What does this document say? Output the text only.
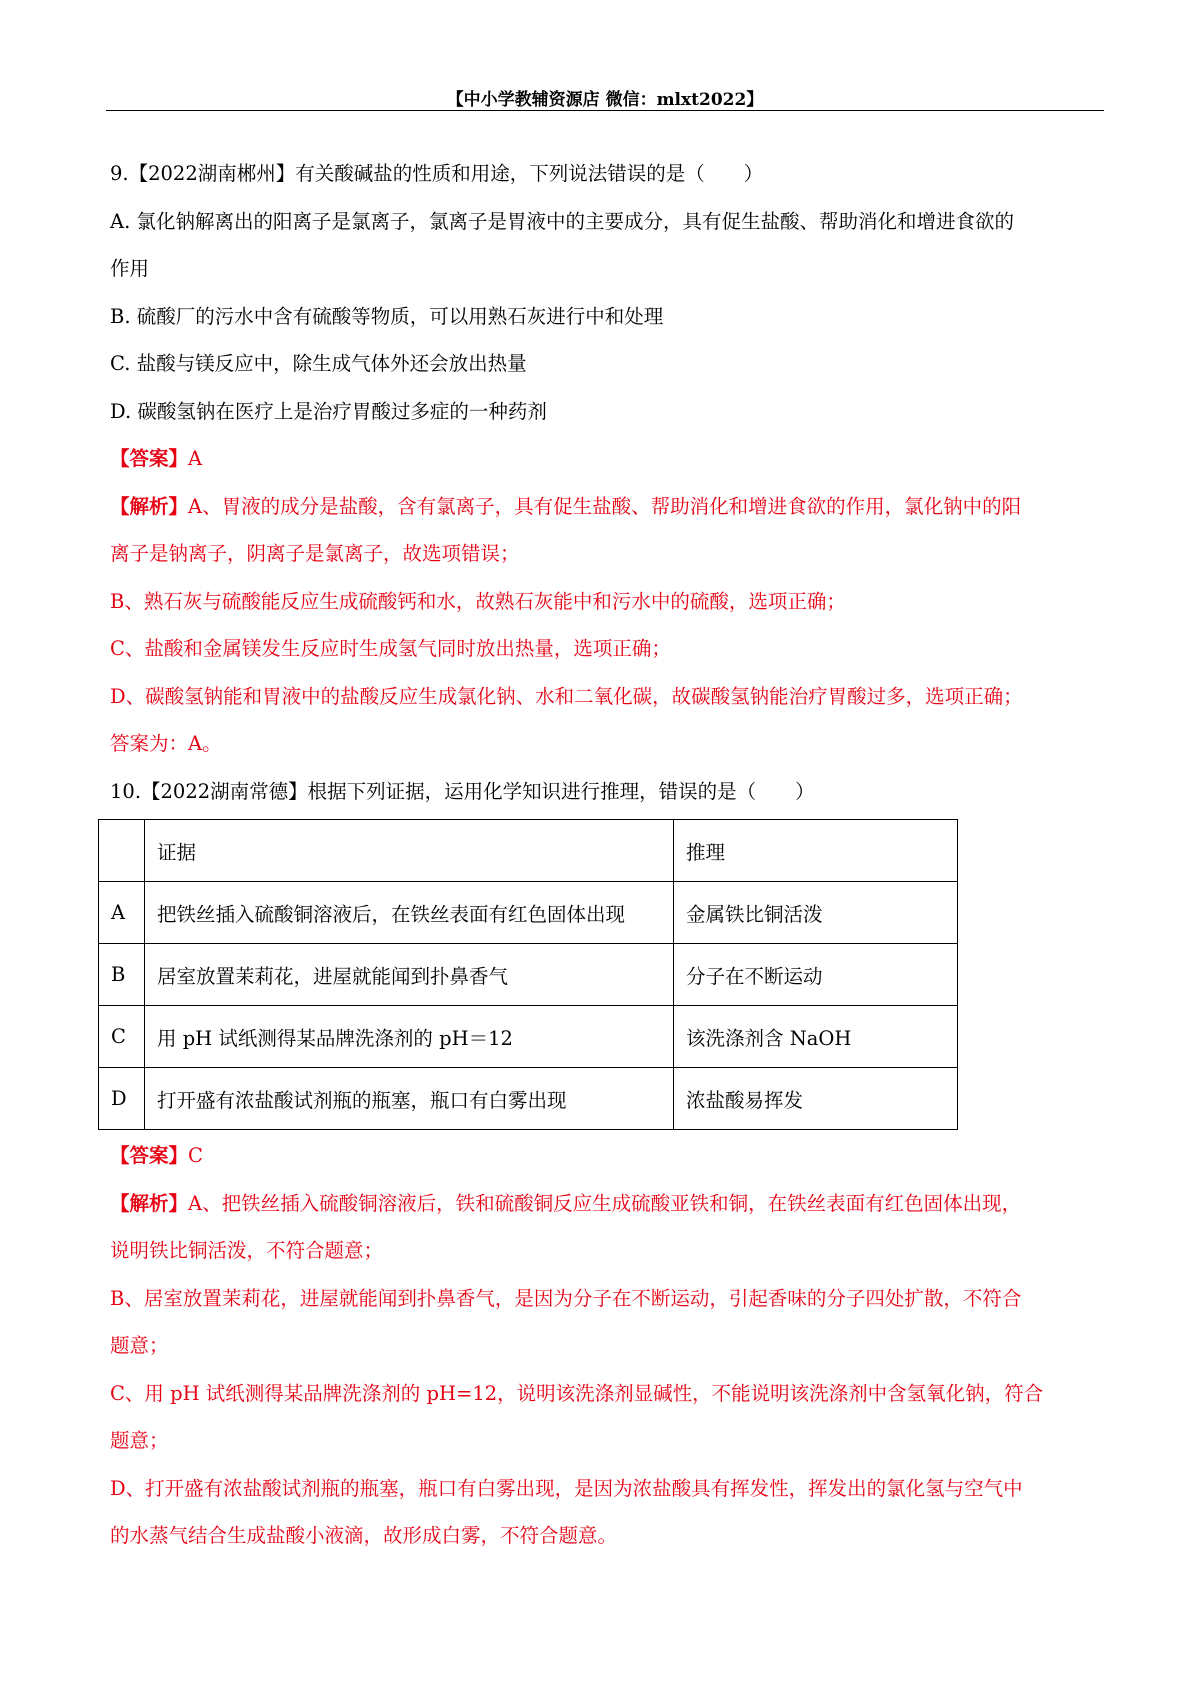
【中小学教辅资源店 微信：mlxt2022】

9.【2022湖南郴州】有关酸碱盐的性质和用途，下列说法错误的是（　　）

A. 氯化钠解离出的阳离子是氯离子，氯离子是胃液中的主要成分，具有促生盐酸、帮助消化和增进食欲的

作用

B. 硫酸厂的污水中含有硫酸等物质，可以用熟石灰进行中和处理

C. 盐酸与镁反应中，除生成气体外还会放出热量

D. 碳酸氢钠在医疗上是治疗胃酸过多症的一种药剂

【答案】A

【解析】A、胃液的成分是盐酸，含有氯离子，具有促生盐酸、帮助消化和增进食欲的作用，氯化钠中的阳

离子是钠离子，阴离子是氯离子，故选项错误；

B、熟石灰与硫酸能反应生成硫酸钙和水，故熟石灰能中和污水中的硫酸，选项正确；

C、盐酸和金属镁发生反应时生成氢气同时放出热量，选项正确；

D、碳酸氢钠能和胃液中的盐酸反应生成氯化钠、水和二氧化碳，故碳酸氢钠能治疗胃酸过多，选项正确；

答案为：A。

10.【2022湖南常德】根据下列证据，运用化学知识进行推理，错误的是（　　）

	证据	推理
A	把铁丝插入硫酸铜溶液后，在铁丝表面有红色固体出现	金属铁比铜活泼
B	居室放置茉莉花，进屋就能闻到扑鼻香气	分子在不断运动
C	用 pH 试纸测得某品牌洗涤剂的 pH＝12	该洗涤剂含 NaOH
D	打开盛有浓盐酸试剂瓶的瓶塞，瓶口有白雾出现	浓盐酸易挥发

【答案】C

【解析】A、把铁丝插入硫酸铜溶液后，铁和硫酸铜反应生成硫酸亚铁和铜，在铁丝表面有红色固体出现，

说明铁比铜活泼，不符合题意；

B、居室放置茉莉花，进屋就能闻到扑鼻香气，是因为分子在不断运动，引起香味的分子四处扩散，不符合

题意；

C、用 pH 试纸测得某品牌洗涤剂的 pH=12，说明该洗涤剂显碱性，不能说明该洗涤剂中含氢氧化钠，符合

题意；

D、打开盛有浓盐酸试剂瓶的瓶塞，瓶口有白雾出现，是因为浓盐酸具有挥发性，挥发出的氯化氢与空气中

的水蒸气结合生成盐酸小液滴，故形成白雾，不符合题意。
